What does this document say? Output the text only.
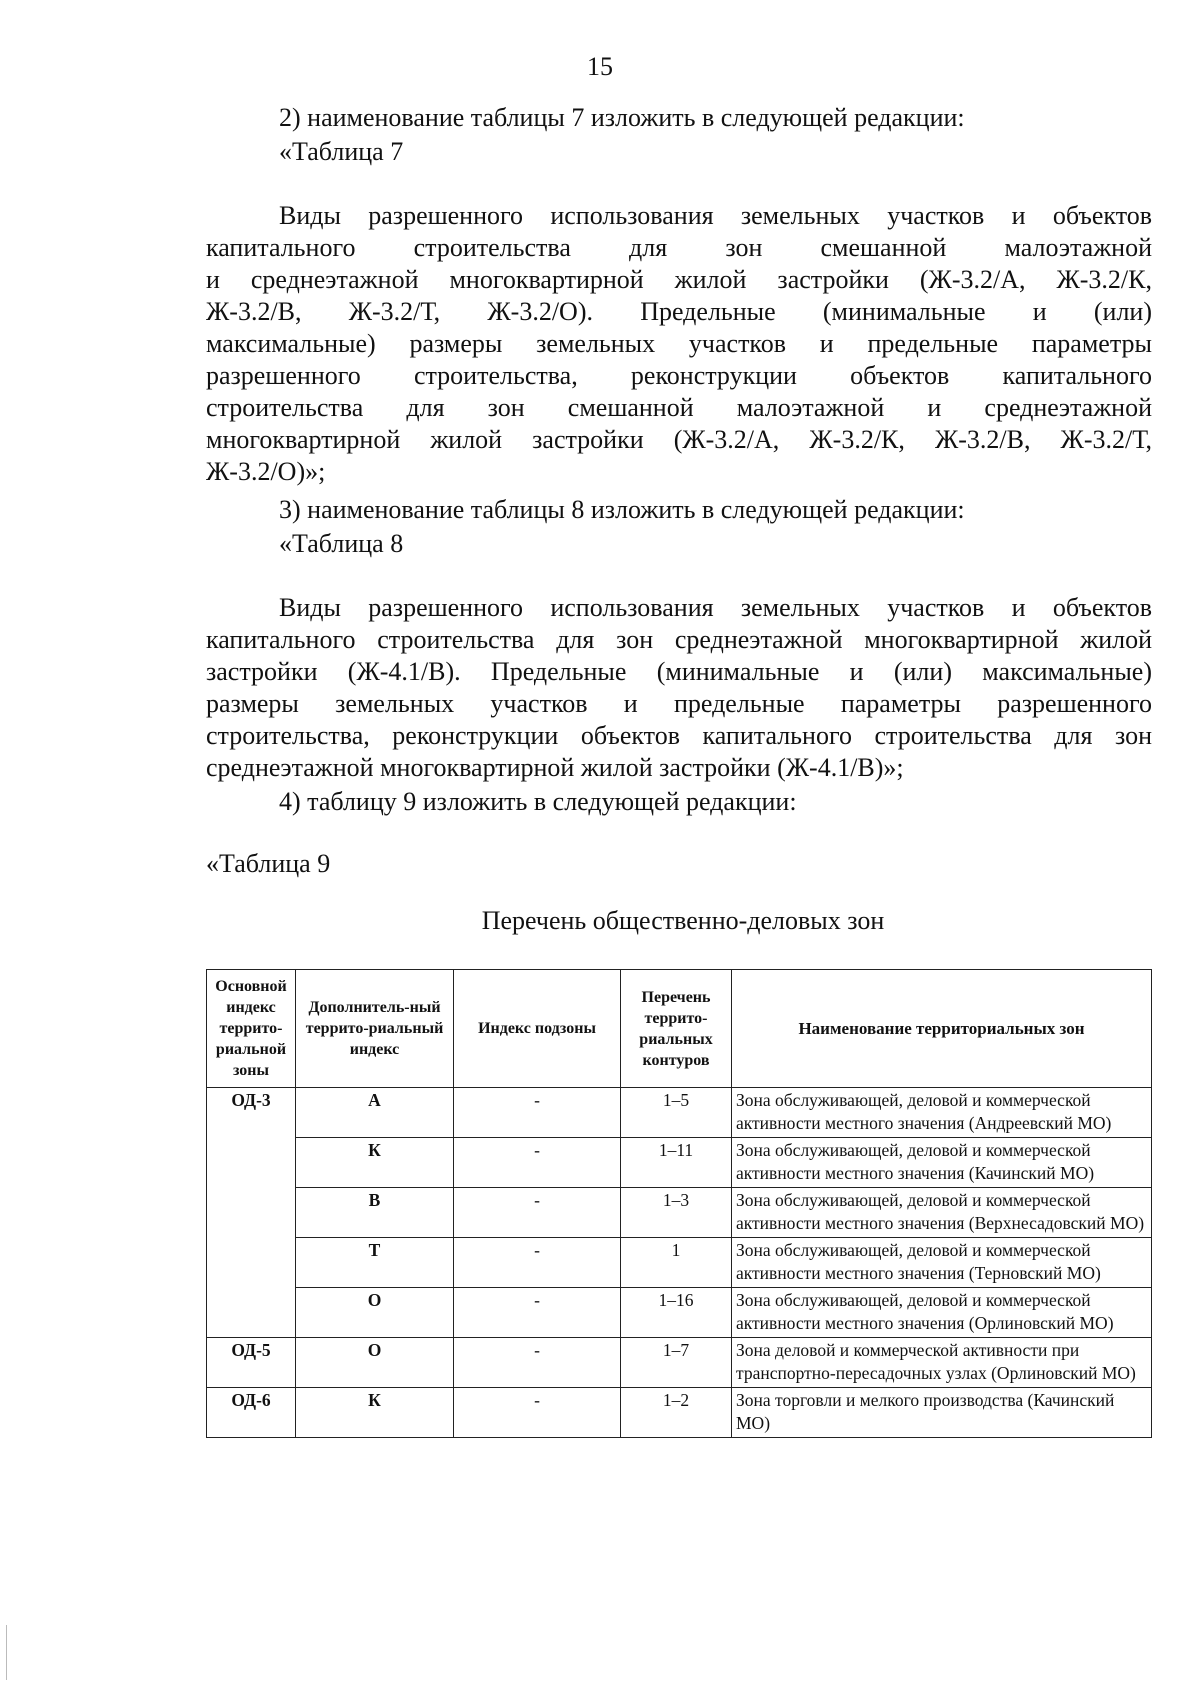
15
2) наименование таблицы 7 изложить в следующей редакции:
«Таблица 7
Виды разрешенного использования земельных участков и объектов
капитального строительства для зон смешанной малоэтажной
и среднеэтажной многоквартирной жилой застройки (Ж-3.2/А, Ж-3.2/К,
Ж-3.2/В, Ж-3.2/Т, Ж-3.2/О). Предельные (минимальные и (или)
максимальные) размеры земельных участков и предельные параметры
разрешенного строительства, реконструкции объектов капитального
строительства для зон смешанной малоэтажной и среднеэтажной
многоквартирной жилой застройки (Ж-3.2/А, Ж-3.2/К, Ж-3.2/В, Ж-3.2/Т,
Ж-3.2/О)»;
3) наименование таблицы 8 изложить в следующей редакции:
«Таблица 8
Виды разрешенного использования земельных участков и объектов
капитального строительства для зон среднеэтажной многоквартирной жилой
застройки (Ж-4.1/В). Предельные (минимальные и (или) максимальные)
размеры земельных участков и предельные параметры разрешенного
строительства, реконструкции объектов капитального строительства для зон
среднеэтажной многоквартирной жилой застройки (Ж-4.1/В)»;
4) таблицу 9 изложить в следующей редакции:
«Таблица 9
Перечень общественно-деловых зон
Основной индекс террито-риальной зоны	Дополнитель-ный террито-риальный индекс	Индекс подзоны	Перечень террито-риальных контуров	Наименование территориальных зон
ОД-3	А	-	1–5	Зона обслуживающей, деловой и коммерческой активности местного значения (Андреевский МО)
	К	-	1–11	Зона обслуживающей, деловой и коммерческой активности местного значения (Качинский МО)
	В	-	1–3	Зона обслуживающей, деловой и коммерческой активности местного значения (Верхнесадовский МО)
	Т	-	1	Зона обслуживающей, деловой и коммерческой активности местного значения (Терновский МО)
	О	-	1–16	Зона обслуживающей, деловой и коммерческой активности местного значения (Орлиновский МО)
ОД-5	О	-	1–7	Зона деловой и коммерческой активности при транспортно-пересадочных узлах (Орлиновский МО)
ОД-6	К	-	1–2	Зона торговли и мелкого производства (Качинский МО)
